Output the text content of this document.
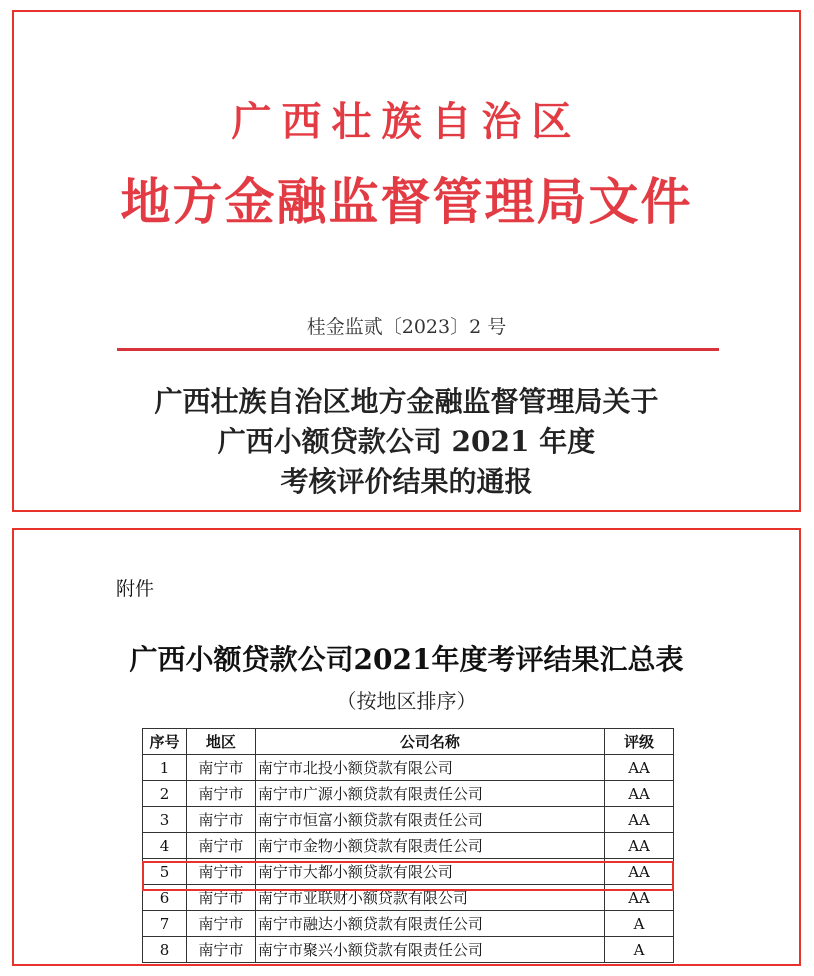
广西壮族自治区
地方金融监督管理局文件
桂金监贰〔2023〕2 号
广西壮族自治区地方金融监督管理局关于
广西小额贷款公司 2021 年度
考核评价结果的通报
附件
广西小额贷款公司2021年度考评结果汇总表
（按地区排序）
序号	地区	公司名称	评级
1	南宁市	南宁市北投小额贷款有限公司	AA
2	南宁市	南宁市广源小额贷款有限责任公司	AA
3	南宁市	南宁市恒富小额贷款有限责任公司	AA
4	南宁市	南宁市金物小额贷款有限责任公司	AA
5	南宁市	南宁市大都小额贷款有限公司	AA
6	南宁市	南宁市亚联财小额贷款有限公司	AA
7	南宁市	南宁市融达小额贷款有限责任公司	A
8	南宁市	南宁市聚兴小额贷款有限责任公司	A
